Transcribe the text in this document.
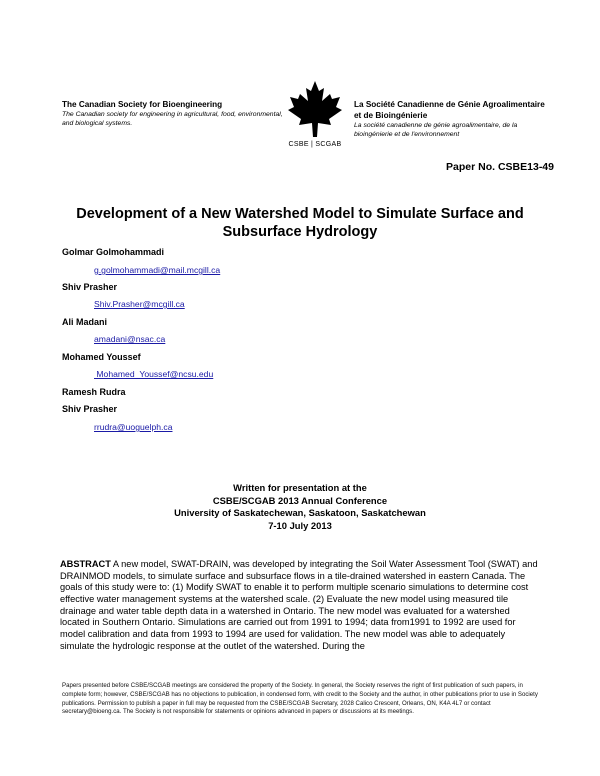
The Canadian Society for Bioengineering
The Canadian society for engineering in agricultural, food, environmental, and biological systems.
CSBE | SCGAB
La Société Canadienne de Génie Agroalimentaire et de Bioingénierie
La société canadienne de génie agroalimentaire, de la bioingénierie et de l'environnement
Paper No. CSBE13-49
Development of a New Watershed Model to Simulate Surface and Subsurface Hydrology
Golmar Golmohammadi
g.golmohammadi@mail.mcgill.ca
Shiv Prasher
Shiv.Prasher@mcgill.ca
Ali Madani
amadani@nsac.ca
Mohamed Youssef
Mohamed_Youssef@ncsu.edu
Ramesh Rudra
Shiv Prasher
rrudra@uoguelph.ca
Written for presentation at the
CSBE/SCGAB 2013 Annual Conference
University of Saskatechewan, Saskatoon, Saskatchewan
7-10 July 2013
ABSTRACT A new model, SWAT-DRAIN, was developed by integrating the Soil Water Assessment Tool (SWAT) and DRAINMOD models, to simulate surface and subsurface flows in a tile-drained watershed in eastern Canada. The goals of this study were to: (1) Modify SWAT to enable it to perform multiple scenario simulations to determine cost effective water management systems at the watershed scale. (2) Evaluate the new model using measured tile drainage and water table depth data in a watershed in Ontario. The new model was evaluated for a watershed located in Southern Ontario. Simulations are carried out from 1991 to 1994; data from1991 to 1992 are used for model calibration and data from 1993 to 1994 are used for validation. The new model was able to adequately simulate the hydrologic response at the outlet of the watershed. During the
Papers presented before CSBE/SCGAB meetings are considered the property of the Society. In general, the Society reserves the right of first publication of such papers, in complete form; however, CSBE/SCGAB has no objections to publication, in condensed form, with credit to the Society and the author, in other publications prior to use in Society publications. Permission to publish a paper in full may be requested from the CSBE/SCGAB Secretary, 2028 Calico Crescent, Orleans, ON, K4A 4L7 or contact secretary@bioeng.ca. The Society is not responsible for statements or opinions advanced in papers or discussions at its meetings.
